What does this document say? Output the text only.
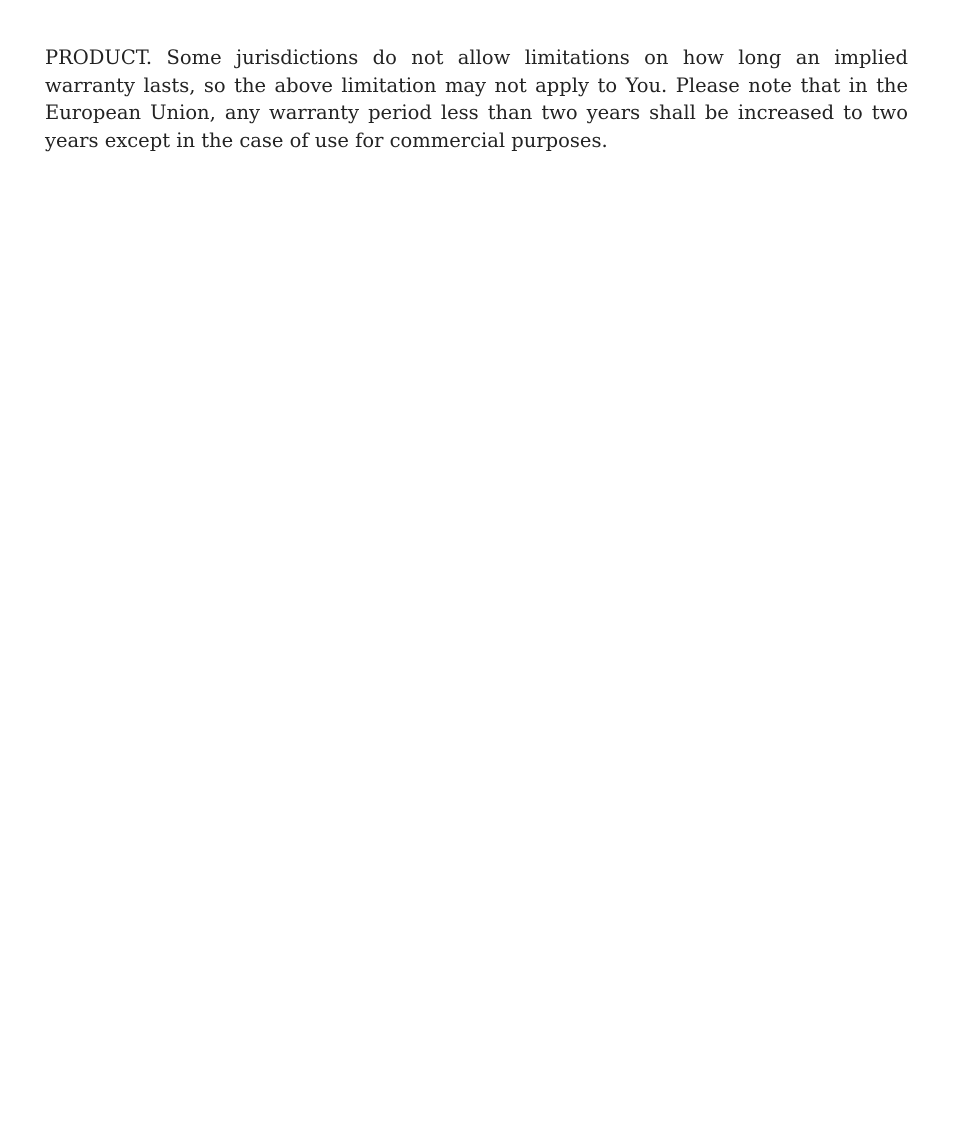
PRODUCT. Some jurisdictions do not allow limitations on how long an implied warranty lasts, so the above limitation may not apply to You. Please note that in the European Union, any warranty period less than two years shall be increased to two years except in the case of use for commercial purposes.
